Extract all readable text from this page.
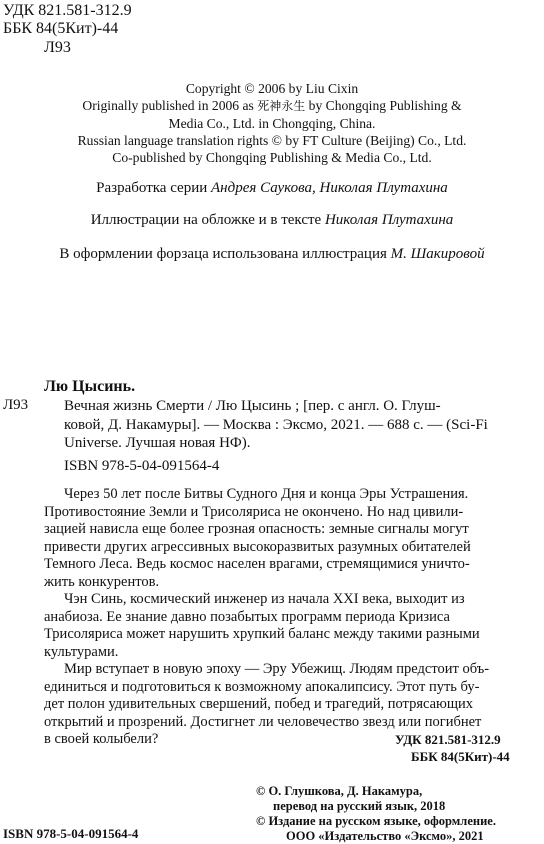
УДК 821.581-312.9
ББК 84(5Кит)-44
Л93
Copyright © 2006 by Liu Cixin
Originally published in 2006 as 死神永生 by Chongqing Publishing &
Media Co., Ltd. in Chongqing, China.
Russian language translation rights © by FT Culture (Beijing) Co., Ltd.
Co-published by Chongqing Publishing & Media Co., Ltd.
Разработка серии Андрея Саукова, Николая Плутахина
Иллюстрации на обложке и в тексте Николая Плутахина
В оформлении форзаца использована иллюстрация М. Шакировой
Лю Цысинь.
Л93 Вечная жизнь Смерти / Лю Цысинь ; [пер. с англ. О. Глуш-
ковой, Д. Накамуры]. — Москва : Эксмо, 2021. — 688 с. — (Sci-Fi
Universe. Лучшая новая НФ).
ISBN 978-5-04-091564-4
Через 50 лет после Битвы Судного Дня и конца Эры Устрашения.
Противостояние Земли и Трисоляриса не окончено. Но над цивили-
зацией нависла еще более грозная опасность: земные сигналы могут
привести других агрессивных высокоразвитых разумных обитателей
Темного Леса. Ведь космос населен врагами, стремящимися уничто-
жить конкурентов.
Чэн Синь, космический инженер из начала XXI века, выходит из
анабиоза. Ее знание давно позабытых программ периода Кризиса
Трисоляриса может нарушить хрупкий баланс между такими разными
культурами.
Мир вступает в новую эпоху — Эру Убежищ. Людям предстоит объ-
единиться и подготовиться к возможному апокалипсису. Этот путь бу-
дет полон удивительных свершений, побед и трагедий, потрясающих
открытий и прозрений. Достигнет ли человечество звезд или погибнет
в своей колыбели?	УДК 821.581-312.9
ББК 84(5Кит)-44
© О. Глушкова, Д. Накамура,
перевод на русский язык, 2018
© Издание на русском языке, оформление.
ООО «Издательство «Эксмо», 2021
ISBN 978-5-04-091564-4
